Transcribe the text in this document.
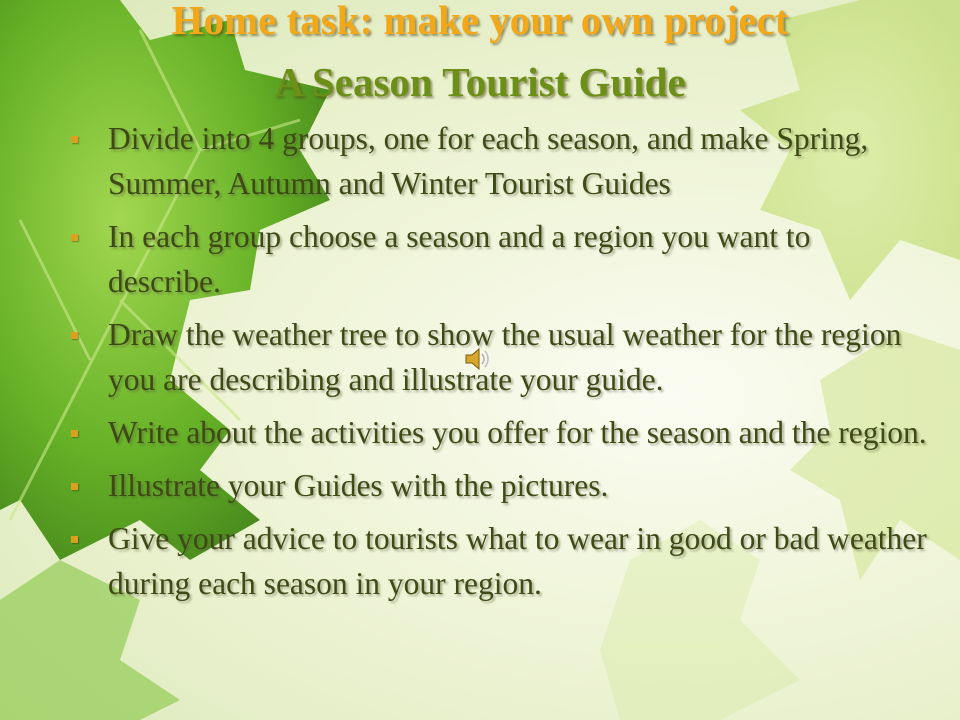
Home task: make your own project
A Season Tourist Guide
Divide into 4 groups, one for each season, and make Spring, Summer, Autumn and Winter Tourist Guides
In each group choose a season and a region you want to describe.
Draw the weather tree to show the usual weather for the region you are describing and illustrate your guide.
Write about the activities you offer for the season and the region.
Illustrate your Guides with the pictures.
Give your advice to tourists what to wear in good or bad weather during each season in your region.
